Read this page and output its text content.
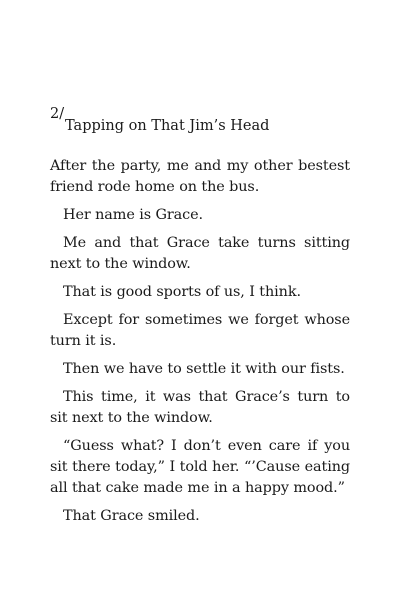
2/
Tapping on That Jim’s Head

After the party, me and my other bestest friend rode home on the bus.

Her name is Grace.

Me and that Grace take turns sitting next to the window.

That is good sports of us, I think.

Except for sometimes we forget whose turn it is.

Then we have to settle it with our fists.

This time, it was that Grace’s turn to sit next to the window.

“Guess what? I don’t even care if you sit there today,” I told her. “’Cause eating all that cake made me in a happy mood.”

That Grace smiled.
